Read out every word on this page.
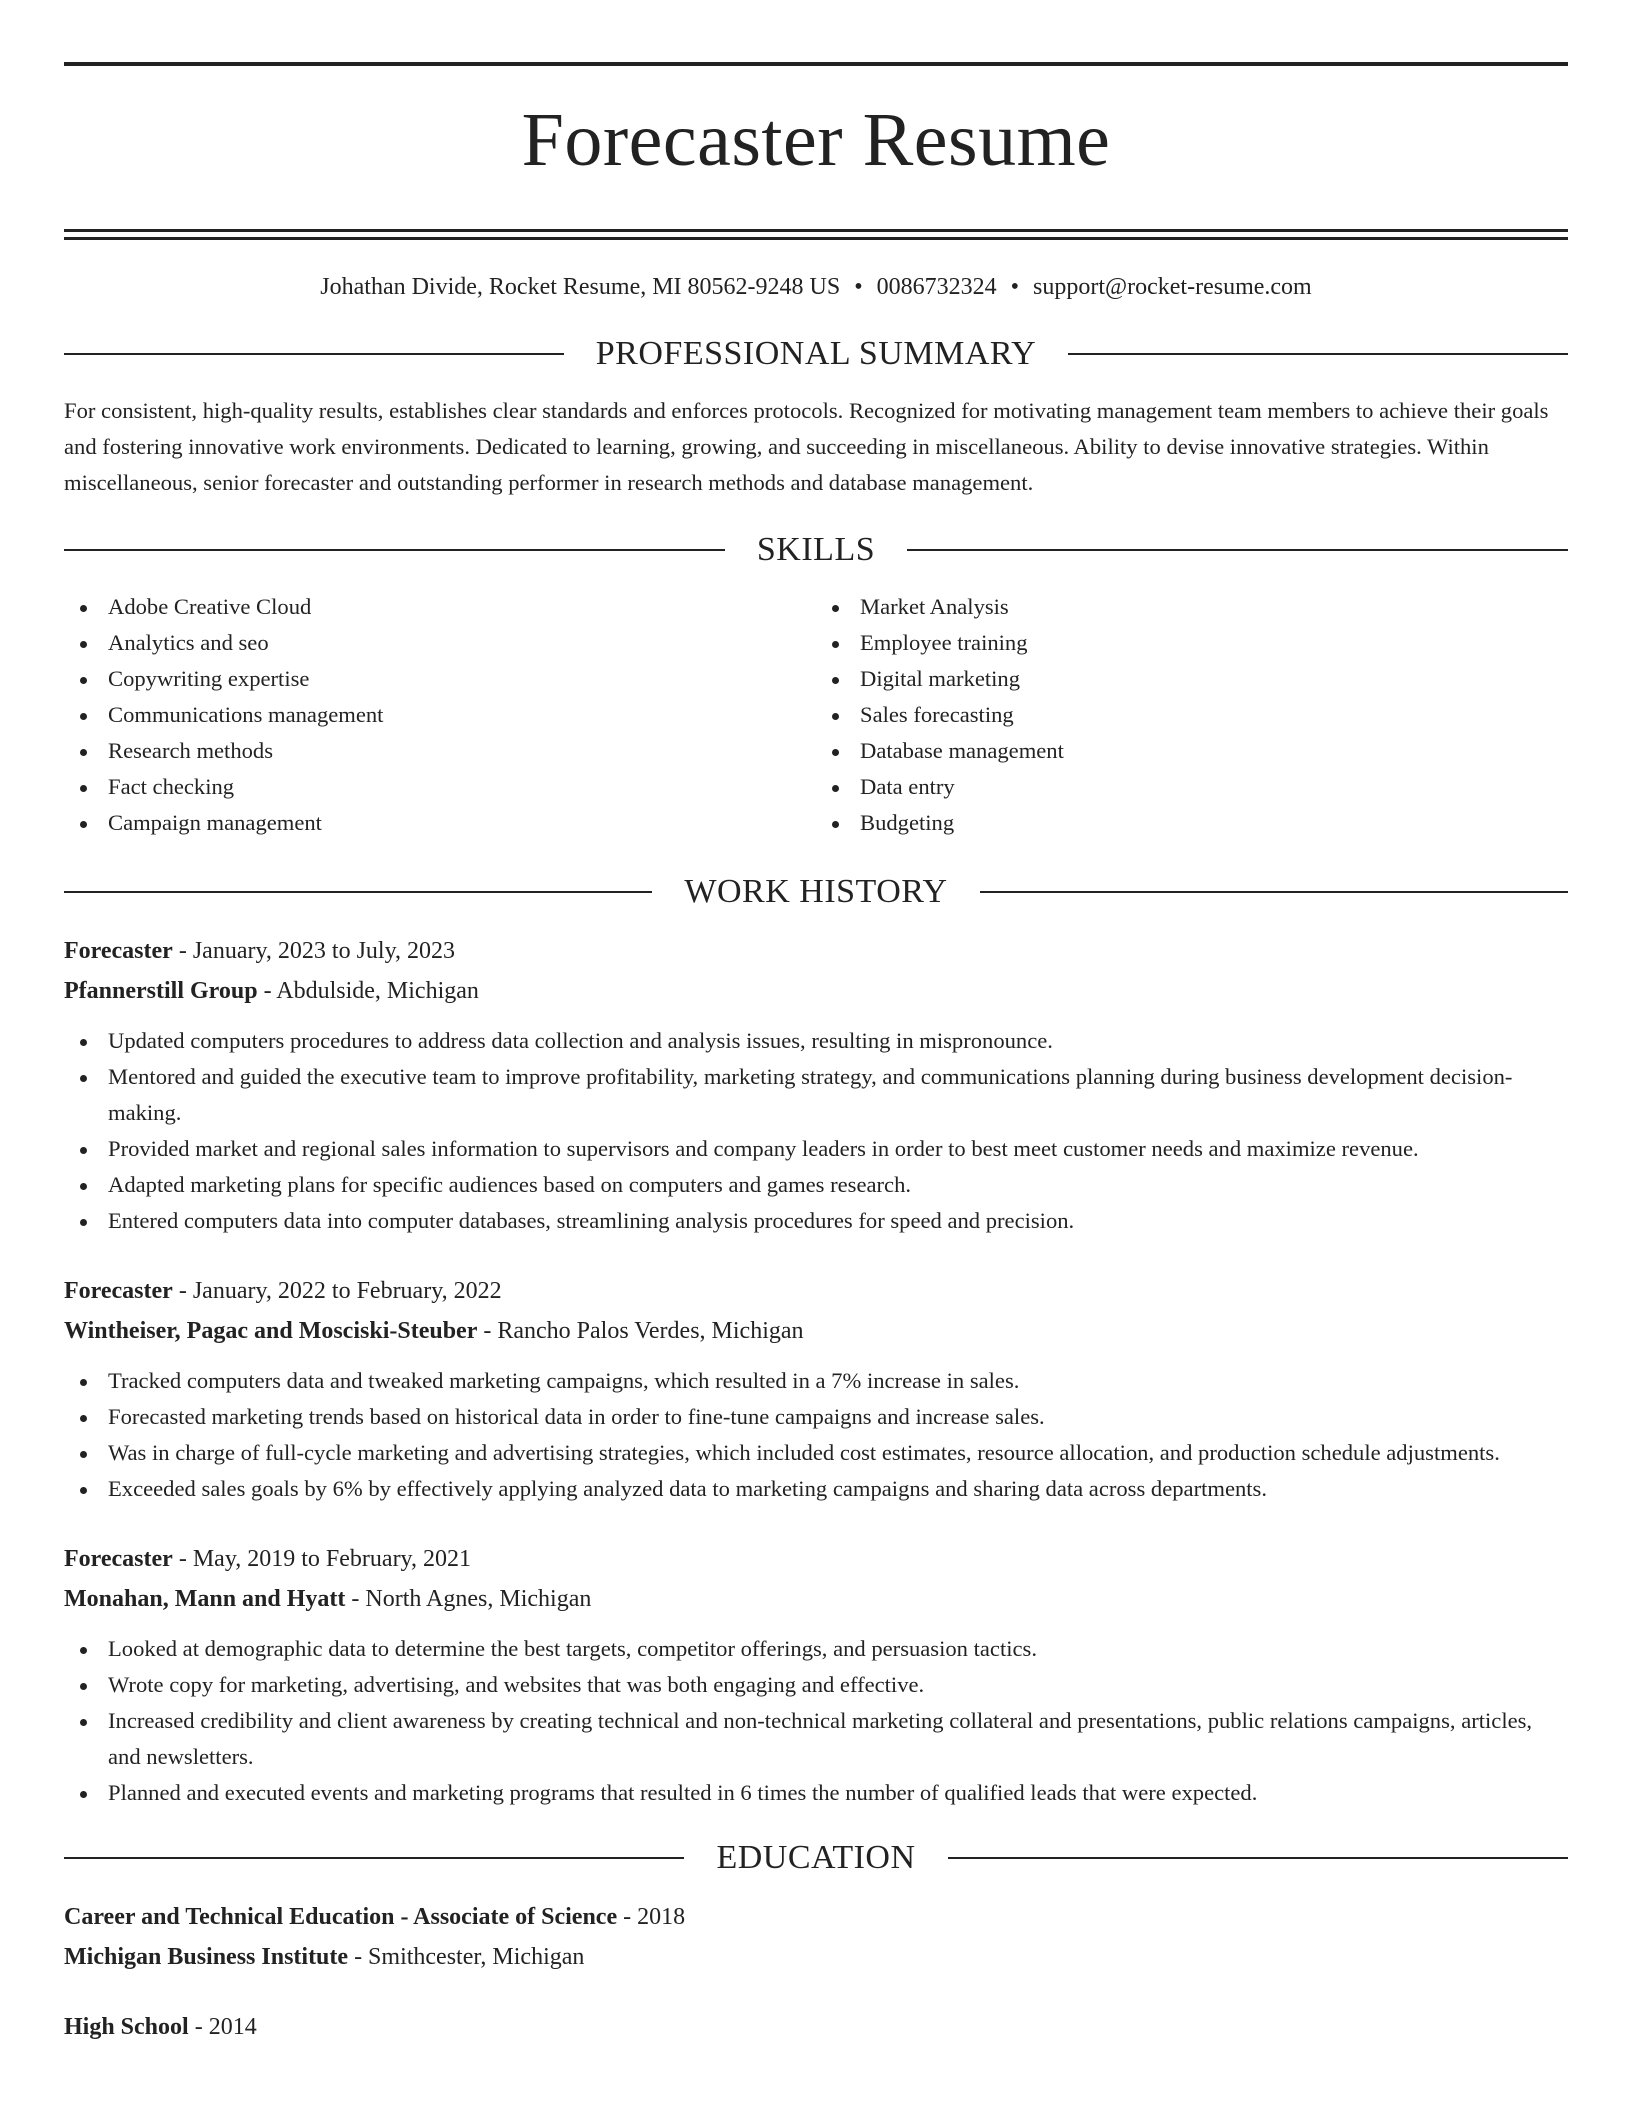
Forecaster Resume
Johathan Divide, Rocket Resume, MI 80562-9248 US • 0086732324 • support@rocket-resume.com
PROFESSIONAL SUMMARY

For consistent, high-quality results, establishes clear standards and enforces protocols. Recognized for motivating management team members to achieve their goals and fostering innovative work environments. Dedicated to learning, growing, and succeeding in miscellaneous. Ability to devise innovative strategies. Within miscellaneous, senior forecaster and outstanding performer in research methods and database management.

SKILLS
Adobe Creative Cloud
Analytics and seo
Copywriting expertise
Communications management
Research methods
Fact checking
Campaign management
Market Analysis
Employee training
Digital marketing
Sales forecasting
Database management
Data entry
Budgeting
WORK HISTORY
Forecaster - January, 2023 to July, 2023
Pfannerstill Group - Abdulside, Michigan
Updated computers procedures to address data collection and analysis issues, resulting in mispronounce.
Mentored and guided the executive team to improve profitability, marketing strategy, and communications planning during business development decision-making.
Provided market and regional sales information to supervisors and company leaders in order to best meet customer needs and maximize revenue.
Adapted marketing plans for specific audiences based on computers and games research.
Entered computers data into computer databases, streamlining analysis procedures for speed and precision.
Forecaster - January, 2022 to February, 2022
Wintheiser, Pagac and Mosciski-Steuber - Rancho Palos Verdes, Michigan
Tracked computers data and tweaked marketing campaigns, which resulted in a 7% increase in sales.
Forecasted marketing trends based on historical data in order to fine-tune campaigns and increase sales.
Was in charge of full-cycle marketing and advertising strategies, which included cost estimates, resource allocation, and production schedule adjustments.
Exceeded sales goals by 6% by effectively applying analyzed data to marketing campaigns and sharing data across departments.
Forecaster - May, 2019 to February, 2021
Monahan, Mann and Hyatt - North Agnes, Michigan
Looked at demographic data to determine the best targets, competitor offerings, and persuasion tactics.
Wrote copy for marketing, advertising, and websites that was both engaging and effective.
Increased credibility and client awareness by creating technical and non-technical marketing collateral and presentations, public relations campaigns, articles, and newsletters.
Planned and executed events and marketing programs that resulted in 6 times the number of qualified leads that were expected.
EDUCATION
Career and Technical Education - Associate of Science - 2018
Michigan Business Institute - Smithcester, Michigan
High School - 2014
